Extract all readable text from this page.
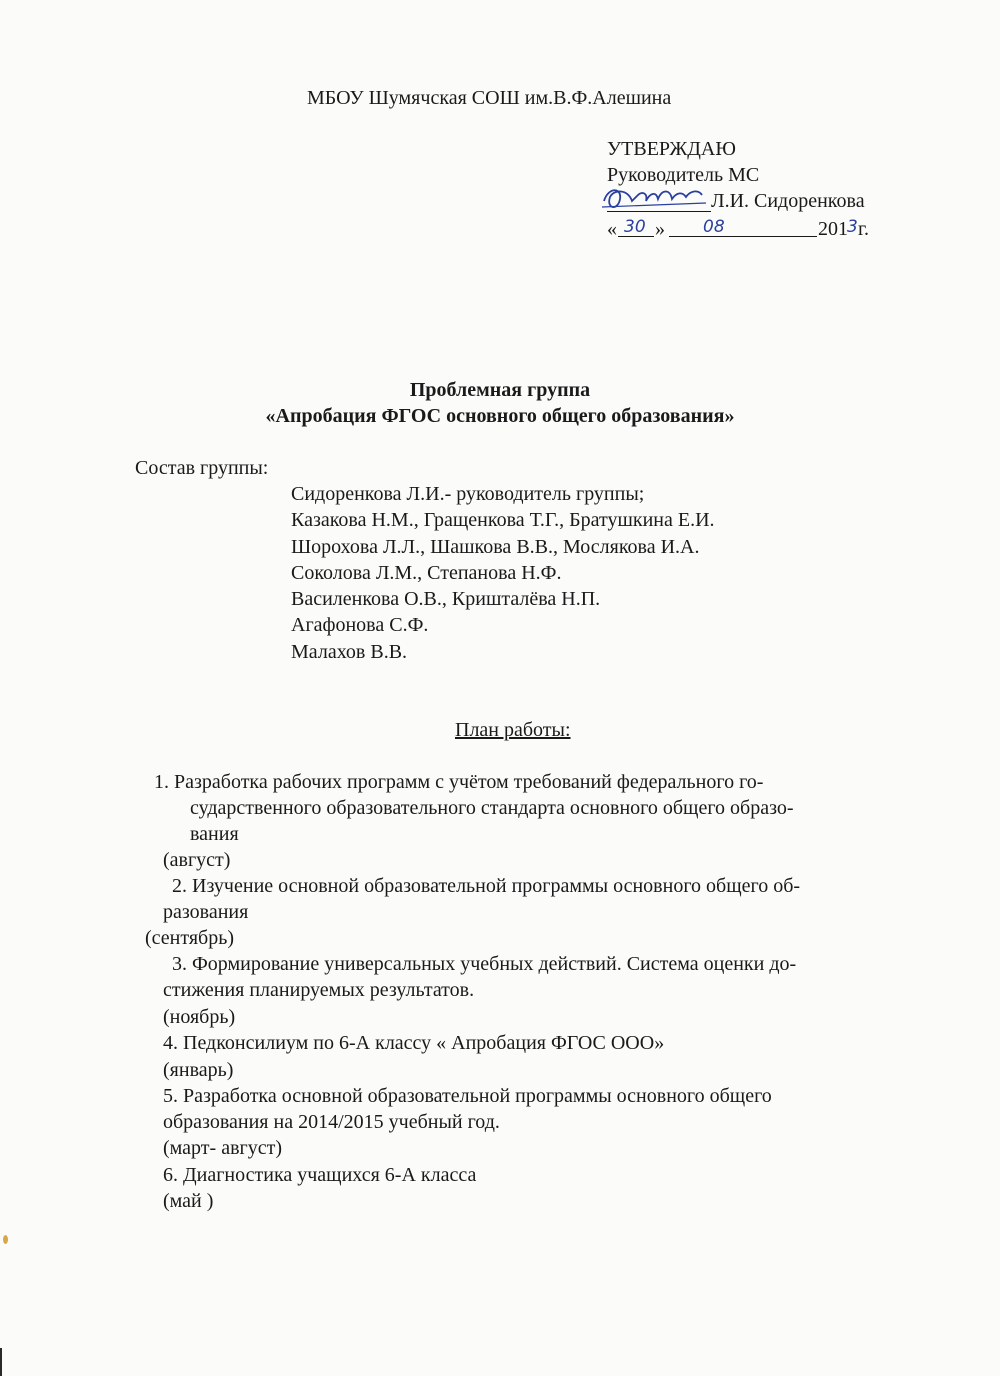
МБОУ Шумячская СОШ им.В.Ф.Алешина
УТВЕРЖДАЮ
Руководитель МС
Л.И. Сидоренкова
« 30 » 08	201 3 г.
Проблемная группа
«Апробация ФГОС основного общего образования»
Состав группы:
Сидоренкова Л.И.- руководитель группы;
Казакова Н.М., Гращенкова Т.Г., Братушкина Е.И.
Шорохова Л.Л., Шашкова В.В., Мослякова И.А.
Соколова Л.М., Степанова Н.Ф.
Василенкова О.В., Кришталёва Н.П.
Агафонова С.Ф.
Малахов В.В.
План работы:
1. Разработка рабочих программ с учётом требований федерального го-
сударственного образовательного стандарта основного общего образо-
вания
(август)
2. Изучение основной образовательной программы основного общего об-
разования
(сентябрь)
3. Формирование универсальных учебных действий. Система оценки до-
стижения планируемых результатов.
(ноябрь)
4. Педконсилиум по 6-А классу « Апробация ФГОС ООО»
(январь)
5. Разработка основной образовательной программы основного общего
образования на 2014/2015 учебный год.
(март- август)
6. Диагностика учащихся 6-А класса
(май )
